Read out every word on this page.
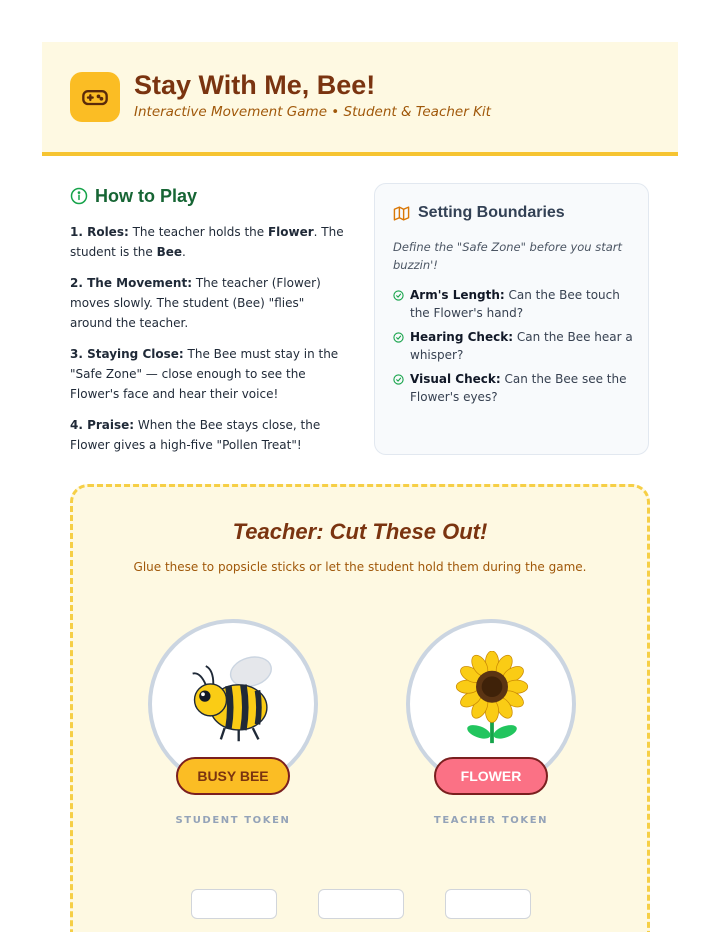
Stay With Me, Bee!
Interactive Movement Game • Student & Teacher Kit
How to Play

1. Roles: The teacher holds the Flower. The student is the Bee.

2. The Movement: The teacher (Flower) moves slowly. The student (Bee) "flies" around the teacher.

3. Staying Close: The Bee must stay in the "Safe Zone" — close enough to see the Flower's face and hear their voice!

4. Praise: When the Bee stays close, the Flower gives a high-five "Pollen Treat"!

Setting Boundaries
Define the "Safe Zone" before you start buzzin'!
Arm's Length: Can the Bee touch the Flower's hand?
Hearing Check: Can the Bee hear a whisper?
Visual Check: Can the Bee see the Flower's eyes?
Teacher: Cut These Out!
Glue these to popsicle sticks or let the student hold them during the game.
BUSY BEE
STUDENT TOKEN
FLOWER
TEACHER TOKEN
